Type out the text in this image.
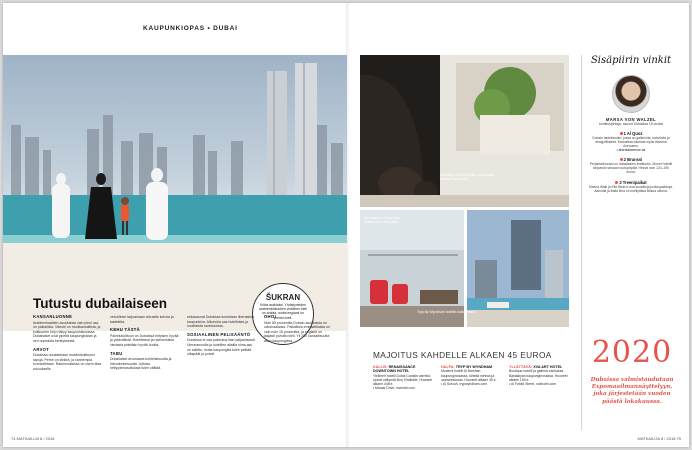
KAUPUNKIOPAS • DUBAI
ŠUKRAN
Kiitos arabiaksi. Yhdistyneiden arabiemiirikuntien virallinen kieli on arabia, mutta englanti on yleinen kieli.
Tutustu dubailaiseen
KANSANLUONNE

Arabiemiraattien asukkaista vain pieni osa on paikallisia. Väestö on monikansallista, ja kulttuurien kirjo näkyy kaupunkikuvassa. Dubailaiset ovat ylpeitä kaupungistaan ja sen nopeasta kehityksestä.

ARVOT

Dubaissa noudatetaan muslimikulttuurin tapoja. Perhe on tärkeä, ja vanhempia kunnioitetaan. Rakennuksissa on usein tilaa rukoukselle.

velvollinen tarjoamaan vieraalle kahvia ja taateleita.

KEHU TÄSTÄ

Palvelukulttuuri on Dubaissa erityisen hyvää ja ystävällistä. Hotelleissa ja ravintoloissa vieraista pidetään hyvää huolta.

TABU

Dubailaiset arvostavat kohteliaisuutta ja hienotunteisuutta. Julkisia hellyydenosoituksia tulee välttää.

sekasaunat Dubaissa tunnetaan liberaalina kaupunkina. Alkoholia saa hotelleista ja luvallisista ravintoloista.

SOSIAALINEN PELISÄÄNTÖ

Dubaissa ei saa pukeutua liian paljastavasti. Uimarannoilla ja hotellien altailla uima-asu on sallittu, mutta kaupungilla tulee peittää olkapäät ja polvet.

OHO!

Noin 85 prosenttia Dubain asukkaista on ulkomaalaisia. Paikallisia emiraattilaisia on vain noin 15 prosenttia, ja englanti on laajasti puhuttu kieli. Yli 200 kansallisuutta asuu kaupungissa.

74 MATKAILIJA 8 / 2018	MATKAILIJA 8 / 2018 75
Bastakiya XVA Art Hotel on keskellä vanhaa kaupunkia.
Renaissance Downtown Hotelin oma uima-allas.
Tryp By Wyndham hotellin kattoterassi.
MAJOITUS KAHDELLE ALKAEN 45 EUROA
KALLIS: RENAISSANCE DOWNTOWN HOTEL
Ylellinen hotelli Dubai Canalin varrella. Upeat näkymät Burj Khalifalle. Huoneet alkaen 448 e.
• Marasi Drive, marriott.com
HALPA: TRYP BY WYNDHAM
Moderni hotelli Al Barshan kaupunginosassa, lähellä metroa ja ostoskeskusta. Huoneet alkaen 45 e.
• Al Sufouh, trypwyndham.com
YLLÄTTÄVÄ: XVA ART HOTEL
Boutique-hotelli ja galleria vanhassa Bastakiyan kaupunginosassa. Huoneet alkaen 150 e.
• Al Fahidi Street, xvahotel.com
Sisäpiirin vinkit
MARSA VON WALZEL
toimitusjohtaja, asunut Dubaissa 15 vuotta
1 Al Quoz
Dubain taideklusteri, jossa on gallerioita, kahviloita ja designliikkeitä. Kannattaa tutustua myös Alserkal Avenueen.
• alserkalavenue.ae
2 Brunssi
Perjantaibrunssi on dubailainen instituutio. Monet hotellit tarjoavat runsaat noutopöydät. Hinnat noin 120–190 euroa.
3 Treenipaikat
Marina Walk ja Kite Beach ovat suosittuja juoksupaikkoja. Aamulla ja illalla ilma on miellyttävä liikkua ulkona.
2020
Dubaissa valmistaudutaan Expomaailmannäyttelyyn, joka järjestetään vuoden päästä lokakuussa.
